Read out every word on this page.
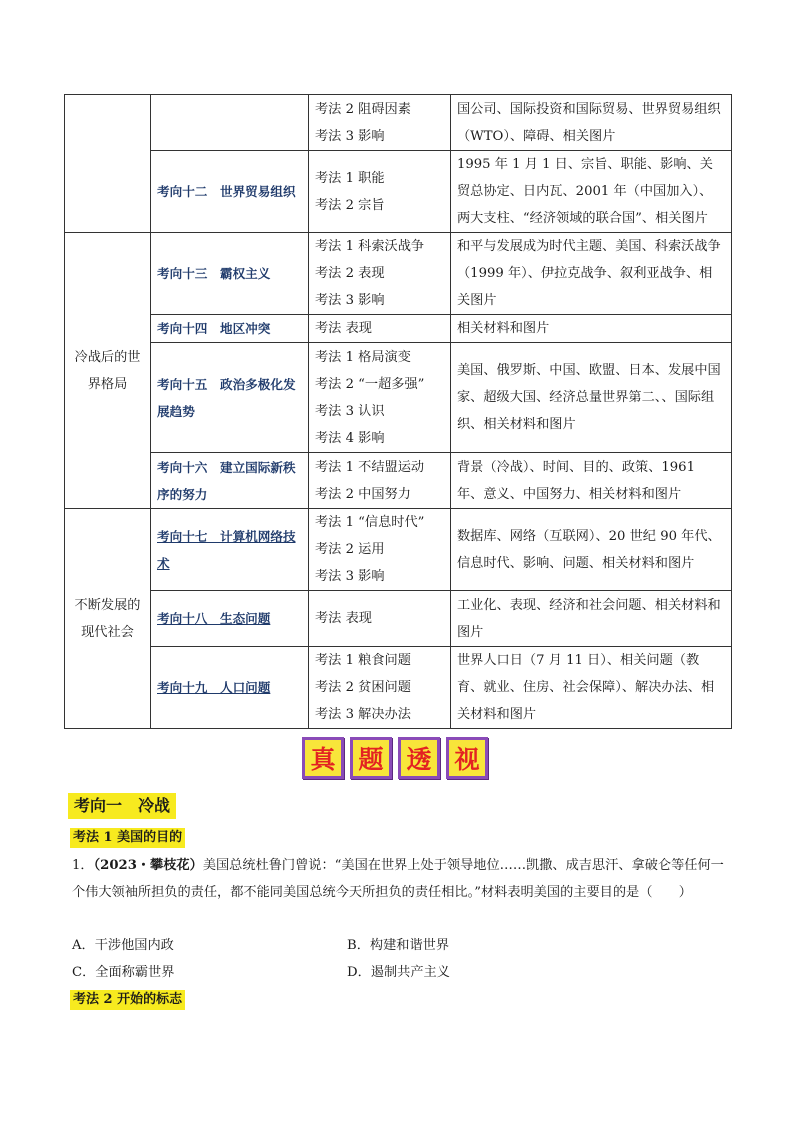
		考法 2 阻碍因素
考法 3 影响	国公司、国际投资和国际贸易、世界贸易组织（WTO）、障碍、相关图片
	考向十二　世界贸易组织	考法 1 职能
考法 2 宗旨	1995 年 1 月 1 日、宗旨、职能、影响、关贸总协定、日内瓦、2001 年（中国加入）、两大支柱、“经济领域的联合国”、相关图片
冷战后的世界格局	考向十三　霸权主义	考法 1 科索沃战争
考法 2 表现
考法 3 影响	和平与发展成为时代主题、美国、科索沃战争（1999 年）、伊拉克战争、叙利亚战争、相关图片
	考向十四　地区冲突	考法 表现	相关材料和图片
	考向十五　政治多极化发展趋势	考法 1 格局演变
考法 2 “一超多强”
考法 3 认识
考法 4 影响	美国、俄罗斯、中国、欧盟、日本、发展中国家、超级大国、经济总量世界第二、、国际组织、相关材料和图片
	考向十六　建立国际新秩序的努力	考法 1 不结盟运动
考法 2 中国努力	背景（冷战）、时间、目的、政策、1961 年、意义、中国努力、相关材料和图片
不断发展的现代社会	考向十七　计算机网络技术	考法 1 “信息时代”
考法 2 运用
考法 3 影响	数据库、网络（互联网）、20 世纪 90 年代、信息时代、影响、问题、相关材料和图片
	考向十八　生态问题	考法 表现	工业化、表现、经济和社会问题、相关材料和图片
	考向十九　人口问题	考法 1 粮食问题
考法 2 贫困问题
考法 3 解决办法	世界人口日（7 月 11 日）、相关问题（教育、就业、住房、社会保障）、解决办法、相关材料和图片
真 题 透 视
考向一　冷战
考法 1 美国的目的
1．（2023・攀枝花）美国总统杜鲁门曾说：“美国在世界上处于领导地位……凯撒、成吉思汗、拿破仑等任何一个伟大领袖所担负的责任，都不能同美国总统今天所担负的责任相比。”材料表明美国的主要目的是（　　）
A．干涉他国内政	B．构建和谐世界
C．全面称霸世界	D．遏制共产主义
考法 2 开始的标志
